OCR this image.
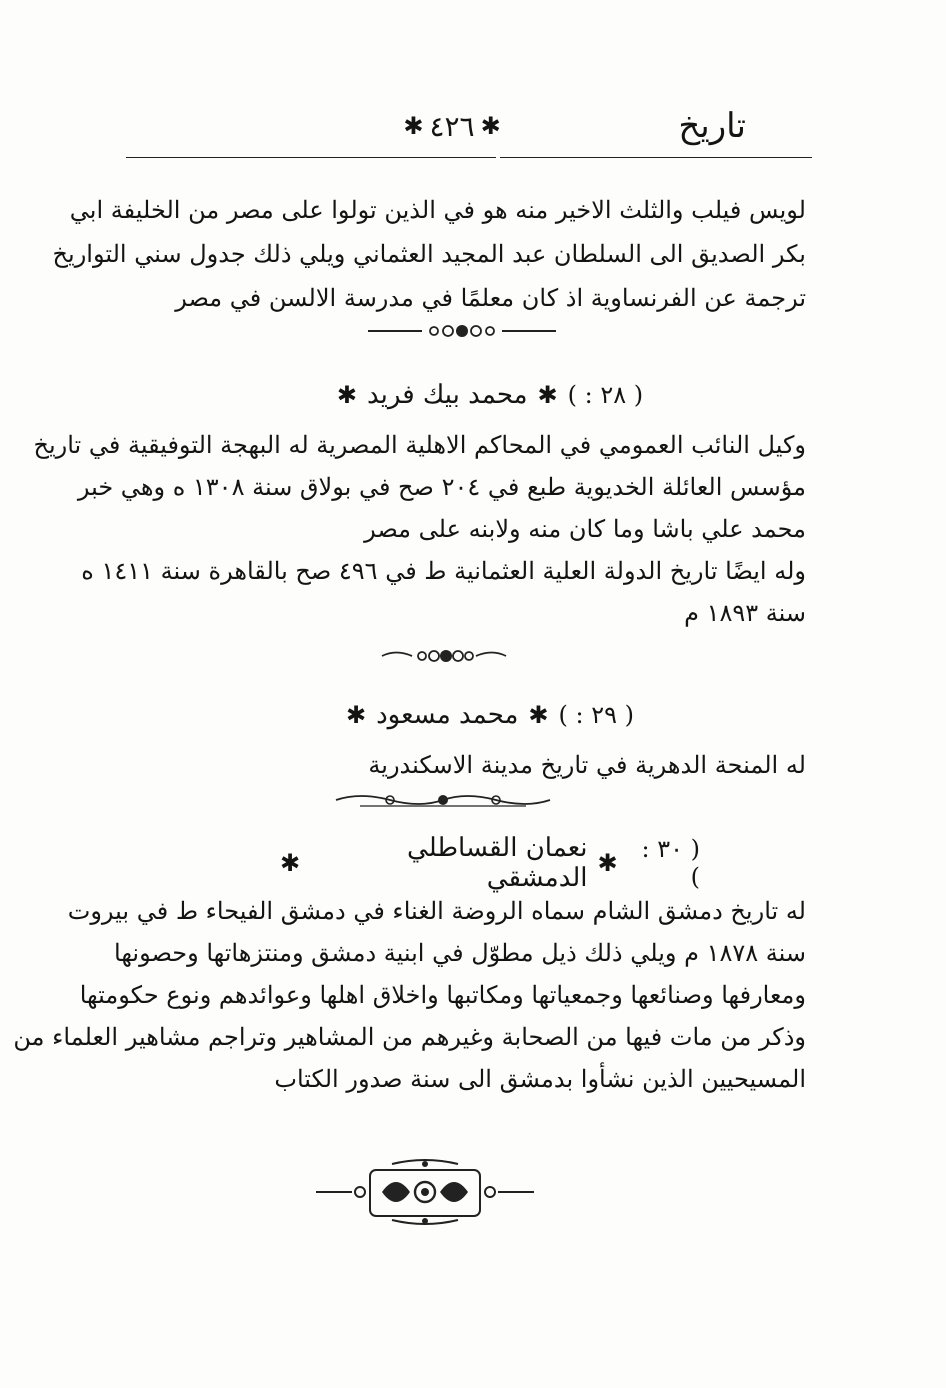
تاريخ
✱ ٤٢٦ ✱
لويس فيلب والثلث الاخير منه هو في الذين تولوا على مصر من الخليفة ابي
بكر الصديق الى السلطان عبد المجيد العثماني ويلي ذلك جدول سني التواريخ
ترجمة عن الفرنساوية اذ كان معلمًا في مدرسة الالسن في مصر
( ٢٨ : )
✱
محمد بيك فريد
✱
وكيل النائب العمومي في المحاكم الاهلية المصرية له البهجة التوفيقية في تاريخ
مؤسس العائلة الخديوية طبع في ٢٠٤ صح في بولاق سنة ١٣٠٨ ه وهي خبر
محمد علي باشا وما كان منه ولابنه على مصر
وله ايضًا تاريخ الدولة العلية العثمانية ط في ٤٩٦ صح بالقاهرة سنة ١٤١١ ه
سنة ١٨٩٣ م
( ٢٩ : )
✱
محمد مسعود
✱
له المنحة الدهرية في تاريخ مدينة الاسكندرية
( ٣٠ : )
✱
نعمان القساطلي الدمشقي
✱
له تاريخ دمشق الشام سماه الروضة الغناء في دمشق الفيحاء ط في بيروت
سنة ١٨٧٨ م ويلي ذلك ذيل مطوّل في ابنية دمشق ومنتزهاتها وحصونها
ومعارفها وصنائعها وجمعياتها ومكاتبها واخلاق اهلها وعوائدهم ونوع حكومتها
وذكر من مات فيها من الصحابة وغيرهم من المشاهير وتراجم مشاهير العلماء من
المسيحيين الذين نشأوا بدمشق الى سنة صدور الكتاب
